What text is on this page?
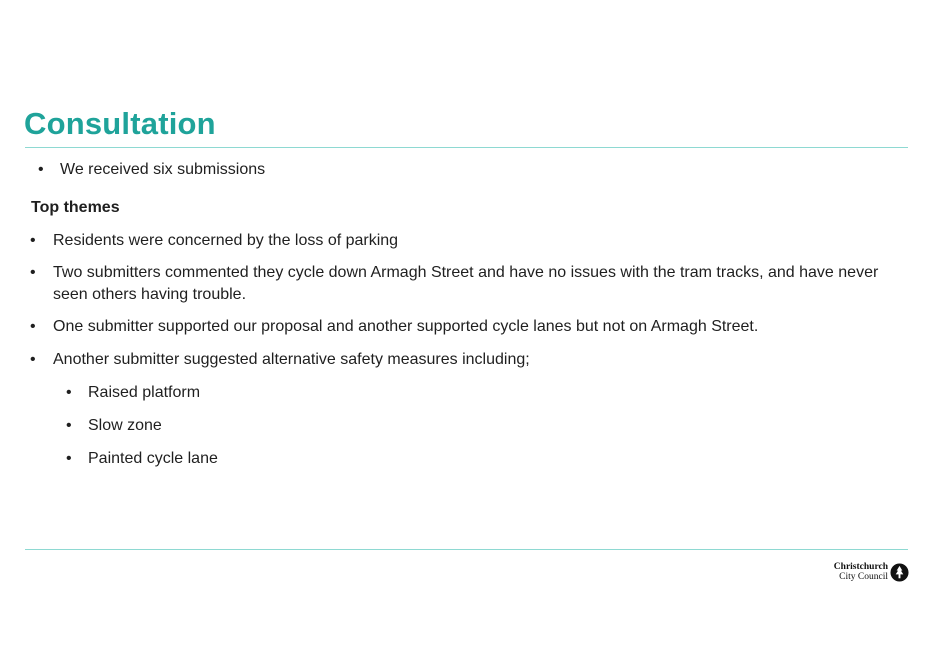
Consultation
• We received six submissions
Top themes
• Residents were concerned by the loss of parking
• Two submitters commented they cycle down Armagh Street and have no issues with the tram tracks, and have never seen others having trouble.
• One submitter supported our proposal and another supported cycle lanes but not on Armagh Street.
• Another submitter suggested alternative safety measures including;
• Raised platform
• Slow zone
• Painted cycle lane
Christchurch
City Council
